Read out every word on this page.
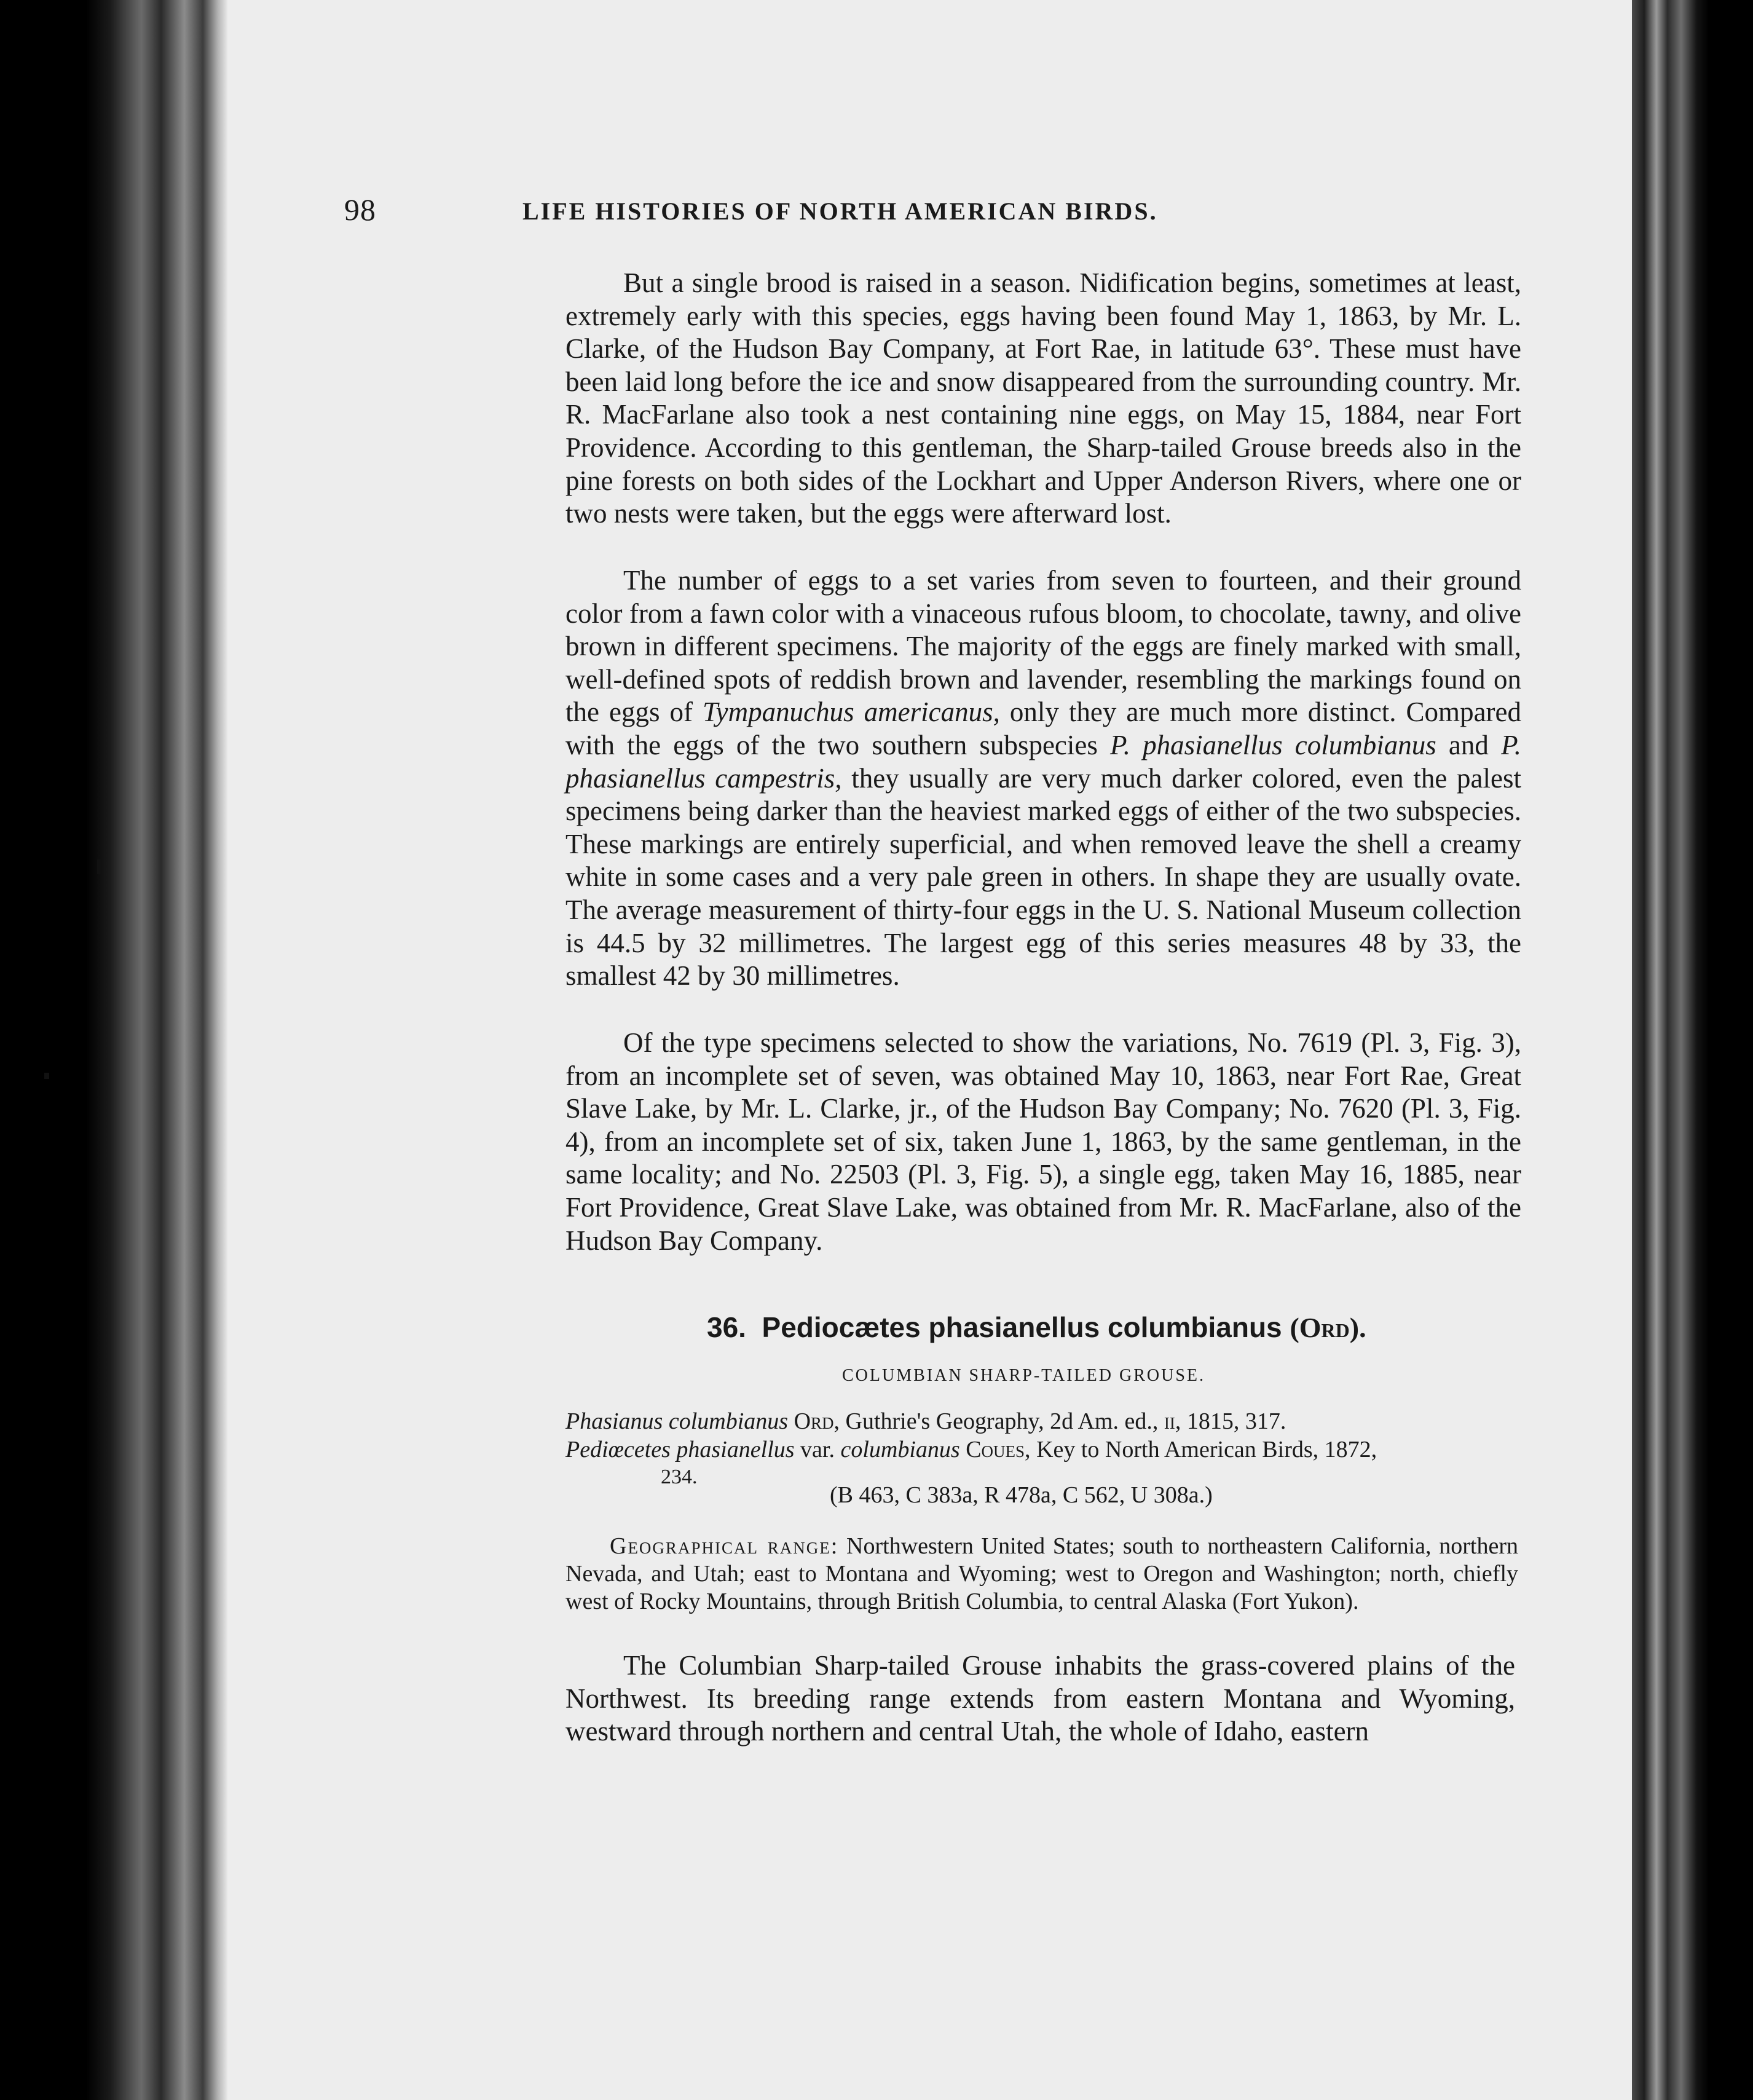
98	LIFE HISTORIES OF NORTH AMERICAN BIRDS.

But a single brood is raised in a season. Nidification begins, sometimes at least, extremely early with this species, eggs having been found May 1, 1863, by Mr. L. Clarke, of the Hudson Bay Company, at Fort Rae, in latitude 63°. These must have been laid long before the ice and snow disappeared from the surrounding country. Mr. R. MacFarlane also took a nest containing nine eggs, on May 15, 1884, near Fort Providence. According to this gentleman, the Sharp-tailed Grouse breeds also in the pine forests on both sides of the Lockhart and Upper Anderson Rivers, where one or two nests were taken, but the eggs were afterward lost.

The number of eggs to a set varies from seven to fourteen, and their ground color from a fawn color with a vinaceous rufous bloom, to chocolate, tawny, and olive brown in different specimens. The majority of the eggs are finely marked with small, well-defined spots of reddish brown and lavender, resembling the markings found on the eggs of Tympanuchus americanus, only they are much more distinct. Compared with the eggs of the two southern subspecies P. phasianellus columbianus and P. phasianellus campestris, they usually are very much darker colored, even the palest specimens being darker than the heaviest marked eggs of either of the two subspecies. These markings are entirely superficial, and when removed leave the shell a creamy white in some cases and a very pale green in others. In shape they are usually ovate. The average measurement of thirty-four eggs in the U. S. National Museum collection is 44.5 by 32 millimetres. The largest egg of this series measures 48 by 33, the smallest 42 by 30 millimetres.

Of the type specimens selected to show the variations, No. 7619 (Pl. 3, Fig. 3), from an incomplete set of seven, was obtained May 10, 1863, near Fort Rae, Great Slave Lake, by Mr. L. Clarke, jr., of the Hudson Bay Company; No. 7620 (Pl. 3, Fig. 4), from an incomplete set of six, taken June 1, 1863, by the same gentleman, in the same locality; and No. 22503 (Pl. 3, Fig. 5), a single egg, taken May 16, 1885, near Fort Providence, Great Slave Lake, was obtained from Mr. R. MacFarlane, also of the Hudson Bay Company.

36. Pediocætes phasianellus columbianus (Ord).
COLUMBIAN SHARP-TAILED GROUSE.
Phasianus columbianus Ord, Guthrie's Geography, 2d Am. ed., ii, 1815, 317.
Pediœcetes phasianellus var. columbianus Coues, Key to North American Birds, 1872,
234.
(B 463, C 383a, R 478a, C 562, U 308a.)

Geographical range: Northwestern United States; south to northeastern California, northern Nevada, and Utah; east to Montana and Wyoming; west to Oregon and Washington; north, chiefly west of Rocky Mountains, through British Columbia, to central Alaska (Fort Yukon).

The Columbian Sharp-tailed Grouse inhabits the grass-covered plains of the Northwest. Its breeding range extends from eastern Montana and Wyoming, westward through northern and central Utah, the whole of Idaho, eastern
